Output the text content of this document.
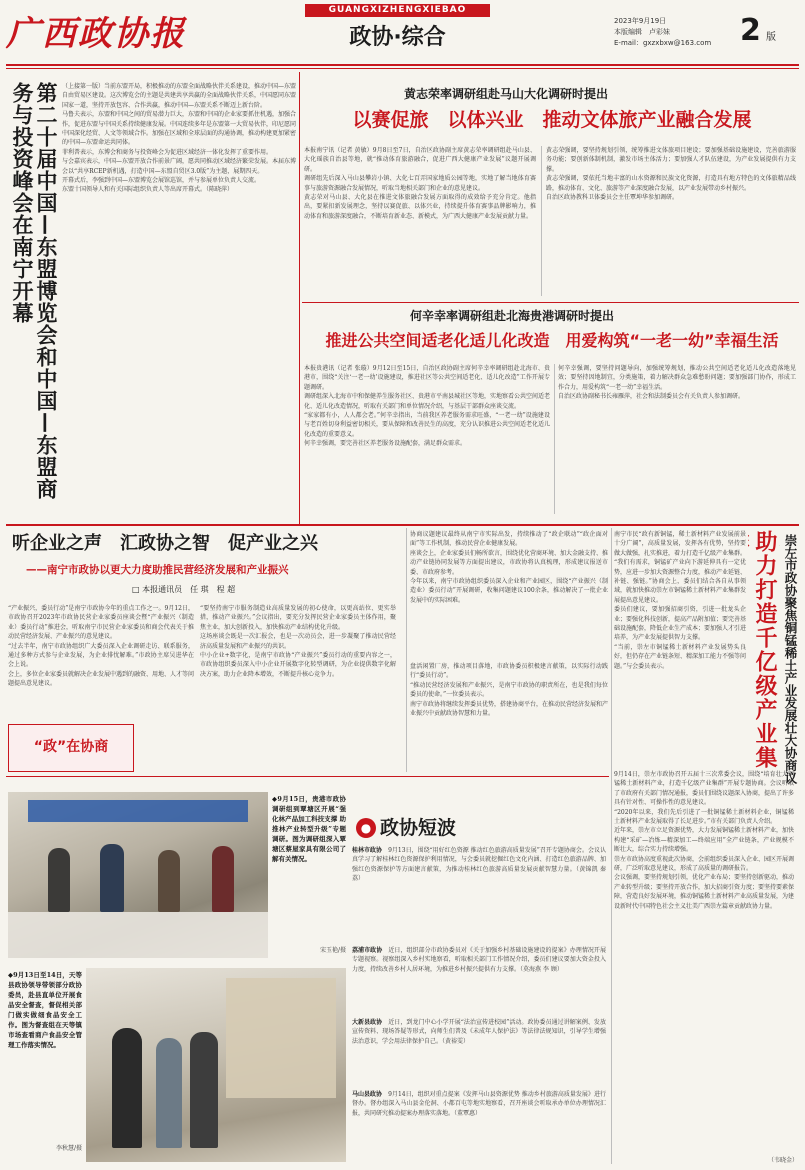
广西政协报
GUANGXIZHENGXIEBAO
政协·综合
2023年9月19日
本版编辑　卢彩妹
E-mail：gxzxbxw@163.com 2 版
第二十届中国—东盟博览会和中国—东盟商务与投资峰会在南宁开幕	（上接第一版）当前东盟开局，积极推动的东盟全面战略伙伴关系建设，推动中国—东盟自由贸易区建设。这次博览会的主题是共建共享共赢的全面战略伙伴关系，中国愿同东盟国家一道，坚持开放包容、合作共赢，推动中国—东盟关系不断迈上新台阶。
马鲁夫表示，东盟和中国之间的贸易潜力巨大，东盟和中国的企业家要抓住机遇，加强合作，促进东盟与中国关系持续健康发展。中国连续多年是东盟第一大贸易伙伴，印尼愿同中国深化经贸、人文等领域合作。加强在区域和全球层面的沟通协调，推动构建更加紧密的中国—东盟命运共同体。
菲利普表示，东博会和商务与投资峰会为促进区域经济一体化发挥了重要作用。
与会嘉宾表示，中国—东盟开放合作前景广阔，愿共同推动区域经济繁荣发展。本届东博会以“共享RCEP新机遇，打造中国—东盟自贸区3.0版”为主题，展期四天。
开幕式后，李强到中国—东盟博览会展馆巡馆，并与参展单位负责人交流。
东盟十国领导人和有关国际组织负责人等出席开幕式。（陈晓萍）
黄志荣率调研组赴马山大化调研时提出
以赛促旅　以体兴业　推动文体旅产业融合发展
本报南宁讯（记者 黄敏）9月8日至7日，自治区政协副主席黄志荣率调研组赴马山县、大化瑶族自治县等地，就“推动体育旅游融合，促进广西大健康产业发展”议题开展调研。
调研组先后深入马山县攀岩小镇、大化七百弄国家地质公园等地，实地了解当地体育赛事与旅游资源融合发展情况，听取当地相关部门和企业的意见建议。
黄志荣对马山县、大化县在推进文体旅融合发展方面取得的成效给予充分肯定。他指出，要紧扣新发展理念，坚持以赛促旅、以体兴业，持续提升体育赛事品牌影响力，推动体育和旅游深度融合，不断培育新业态、新模式，为广西大健康产业发展贡献力量。
黄志荣强调，要坚持规划引领，统筹推进文体旅项目建设；要加强基础设施建设，完善旅游服务功能；要创新体制机制，激发市场主体活力；要加强人才队伍建设，为产业发展提供有力支撑。
黄志荣强调，要依托当地丰富的山水资源和民族文化资源，打造具有地方特色的文体旅精品线路，推动体育、文化、旅游等产业深度融合发展，以产业发展带动乡村振兴。
自治区政协教科卫体委员会主任覃坤华参加调研。
何辛幸率调研组赴北海贵港调研时提出
推进公共空间适老化适儿化改造　用爱构筑“一老一幼”幸福生活
本报贵港讯（记者 张璇）9月12日至15日，自治区政协副主席何辛幸率调研组赴北海市、贵港市，围绕“关注‘一老一幼’设施建设，推进社区等公共空间适老化、适儿化改造”工作开展专题调研。
调研组深入北海市中和保健养生服务社区、贵港市平南县城社区等地，实地察看公共空间适老化、适儿化改造情况，听取有关部门和单位情况介绍，与基层干部群众座谈交流。
“家家都有小，人人都会老。”何辛幸指出，当前我区养老服务需求旺盛，“一老一幼”设施建设与老百姓切身利益密切相关，要从保障和改善民生的高度，充分认识推进公共空间适老化适儿化改造的重要意义。
何辛幸强调，要完善社区养老服务设施配套，满足群众需求。
何辛幸强调，要坚持问题导向，加强统筹规划，推动公共空间适老化适儿化改造落地见效；要坚持因地制宜，分类施策，着力解决群众急难愁盼问题；要加强部门协作，形成工作合力，用爱构筑“一老一幼”幸福生活。
自治区政协副秘书长雍雁萍，社会和法制委员会有关负责人参加调研。
听企业之声　汇政协之智　促产业之兴
——南宁市政协以更大力度助推民营经济发展和产业振兴
□ 本报通讯员　任 琪　程 超
“产业振兴，委员行动”是南宁市政协今年的重点工作之一。9月12日，市政协召开2023年市政协民营企业家委员座谈会暨“产业振兴（制造业）委员行动”推进会，听取南宁市民营企业家委员和商会代表关于推动民营经济发展、产业振兴的意见建议。
“过去半年，南宁市政协组织广大委员深入企业调研走访、联系服务，通过多种方式参与企业发展，为企业排忧解难。”市政协主席吴进华在会上说。
会上，多位企业家委员就解决企业发展中遇到的融资、用地、人才等问题提出意见建议。
“政”在协商
“要坚持南宁市服务制造业高质量发展的初心使命，以更高站位、更实举措，推动产业振兴。”会议指出，要充分发挥民营企业家委员主体作用，聚焦主业，加大创新投入，加快推动产业结构优化升级。
这场座谈会既是一次汇报会，也是一次动员会，进一步凝聚了推动民营经济高质量发展和产业振兴的共识。
中小企业+数字化，是南宁市政协“产业振兴”委员行动的重要内容之一，市政协组织委员深入中小企业开展数字化转型调研，为企业提供数字化解决方案，助力企业降本增效，不断提升核心竞争力。
协商议题建议最终从南宁市实际出发，持续推动了“政企联动”“政企面对面”等工作机制，推动民营企业健康发展。
座谈会上，企业家委员们畅所欲言，围绕优化营商环境、加大金融支持、推动产业链协同发展等方面提出建议，市政协将认真梳理，形成建议报送市委、市政府参考。
今年以来，南宁市政协组织委员深入企业和产业园区，围绕“产业振兴（制造业）委员行动”开展调研，收集问题建议100余条，推动解决了一批企业发展中的实际困难。
盘活闲置厂房，推动项目落地，市政协委员积极建言献策，以实际行动践行“委员行动”。
“推动民营经济发展和产业振兴，是南宁市政协的职责所在，也是我们每位委员的使命。”一位委员表示。
南宁市政协将继续发挥委员优势，搭建协商平台，在推动民营经济发展和产业振兴中贡献政协智慧和力量。
南宁市民“政有新铜锰，稀土新材料产业发展前景十分广阔”，高质量发展，发挥各有优势，坚持要做大做强，扎实推进，着力打造千亿级产业集群。
“我们有需求，铜锰矿产业向下游延伸具有一定优势，应进一步加大资源整合力度，推动产业延链、补链、强链。”协商会上，委员们结合各自从事领域，就加快推动崇左市铜锰稀土新材料产业集群发展提出意见建议。
委员们建议，要加强招商引资，引进一批龙头企业；要强化科技创新，提高产品附加值；要完善基础设施配套，降低企业生产成本；要加强人才引进培养，为产业发展提供智力支撑。
“当前，崇左市铜锰稀土新材料产业发展势头良好，但仍存在产业链条短、精深加工能力不强等问题。”与会委员表示。
助力打造千亿级产业集
崇左市政协聚焦铜锰稀土产业发展壮大协商议
9月14日，崇左市政协召开五届十三次常委会议，围绕“培育壮大铜锰稀土新材料产业，打造千亿级产业集群”开展专题协商。会议听取了市政府有关部门情况通报，委员们围绕议题深入协商，提出了许多具有针对性、可操作性的意见建议。
“2020年以来，我们先后引进了一批铜锰稀土新材料企业，铜锰稀土新材料产业发展取得了长足进步。”市有关部门负责人介绍。
近年来，崇左市立足资源优势，大力发展铜锰稀土新材料产业，加快构建“采矿—冶炼—精深加工—终端应用”全产业链条，产业规模不断壮大，综合实力持续增强。
崇左市政协高度重视此次协商，会前组织委员深入企业、园区开展调研，广泛听取意见建议，形成了高质量的调研报告。
会议强调，要坚持规划引领，优化产业布局；要坚持创新驱动，推动产业转型升级；要坚持开放合作，加大招商引资力度；要坚持要素保障，营造良好发展环境，推动铜锰稀土新材料产业高质量发展，为建设新时代中国特色社会主义壮美广西崇左篇章贡献政协力量。
（韦晓金）
◆9月15日，贵港市政协调研组到覃塘区开展“强化林产品加工科技支撑 助推林产业转型升级”专题调研。图为调研组深入覃塘区蔡屋家具有限公司了解有关情况。
宋玉艳/摄
◆9月13日至14日，天等县政协领导带领部分政协委员，赴县直单位开展食品安全督查，督促相关部门做实做细食品安全工作。图为督查组在天等镇市场查看商户食品安全管理工作落实情况。
李秋慧/摄
● 政协短波
桂林市政协　 9月13日，围绕“用好红色资源 推动红色旅游高质量发展”召开专题协商会。会议认真学习了解桂林红色资源保护利用情况，与会委员就挖掘红色文化内涵、打造红色旅游品牌、加强红色资源保护等方面建言献策，为推动桂林红色旅游高质量发展贡献智慧力量。（黄锦凯 秦 荔）
荔浦市政协　 近日，组织部分市政协委员对《关于加强乡村基础设施建设的提案》办理情况开展专题视察。视察组深入乡村实地察看，听取相关部门工作情况介绍，委员们建议要加大资金投入力度，持续改善乡村人居环境，为推进乡村振兴提供有力支撑。（莫海燕 李 顾）
大新县政协　 近日，到龙门中心小学开展“法治宣传进校园”活动。政协委员通过讲解案例、发放宣传资料、现场答疑等形式，向师生们普及《未成年人保护法》等法律法规知识，引导学生增强法治意识，学会用法律保护自己。（黄裕雯）
马山县政协　 9月14日，组织对重点提案《发挥马山县资源优势 推动乡村旅游高质量发展》进行督办。督办组深入马山县金伦洞、小都百屯等地实地察看，召开座谈会听取承办单位办理情况汇报，共同研究推动提案办理落实落地。（董覃惠）
